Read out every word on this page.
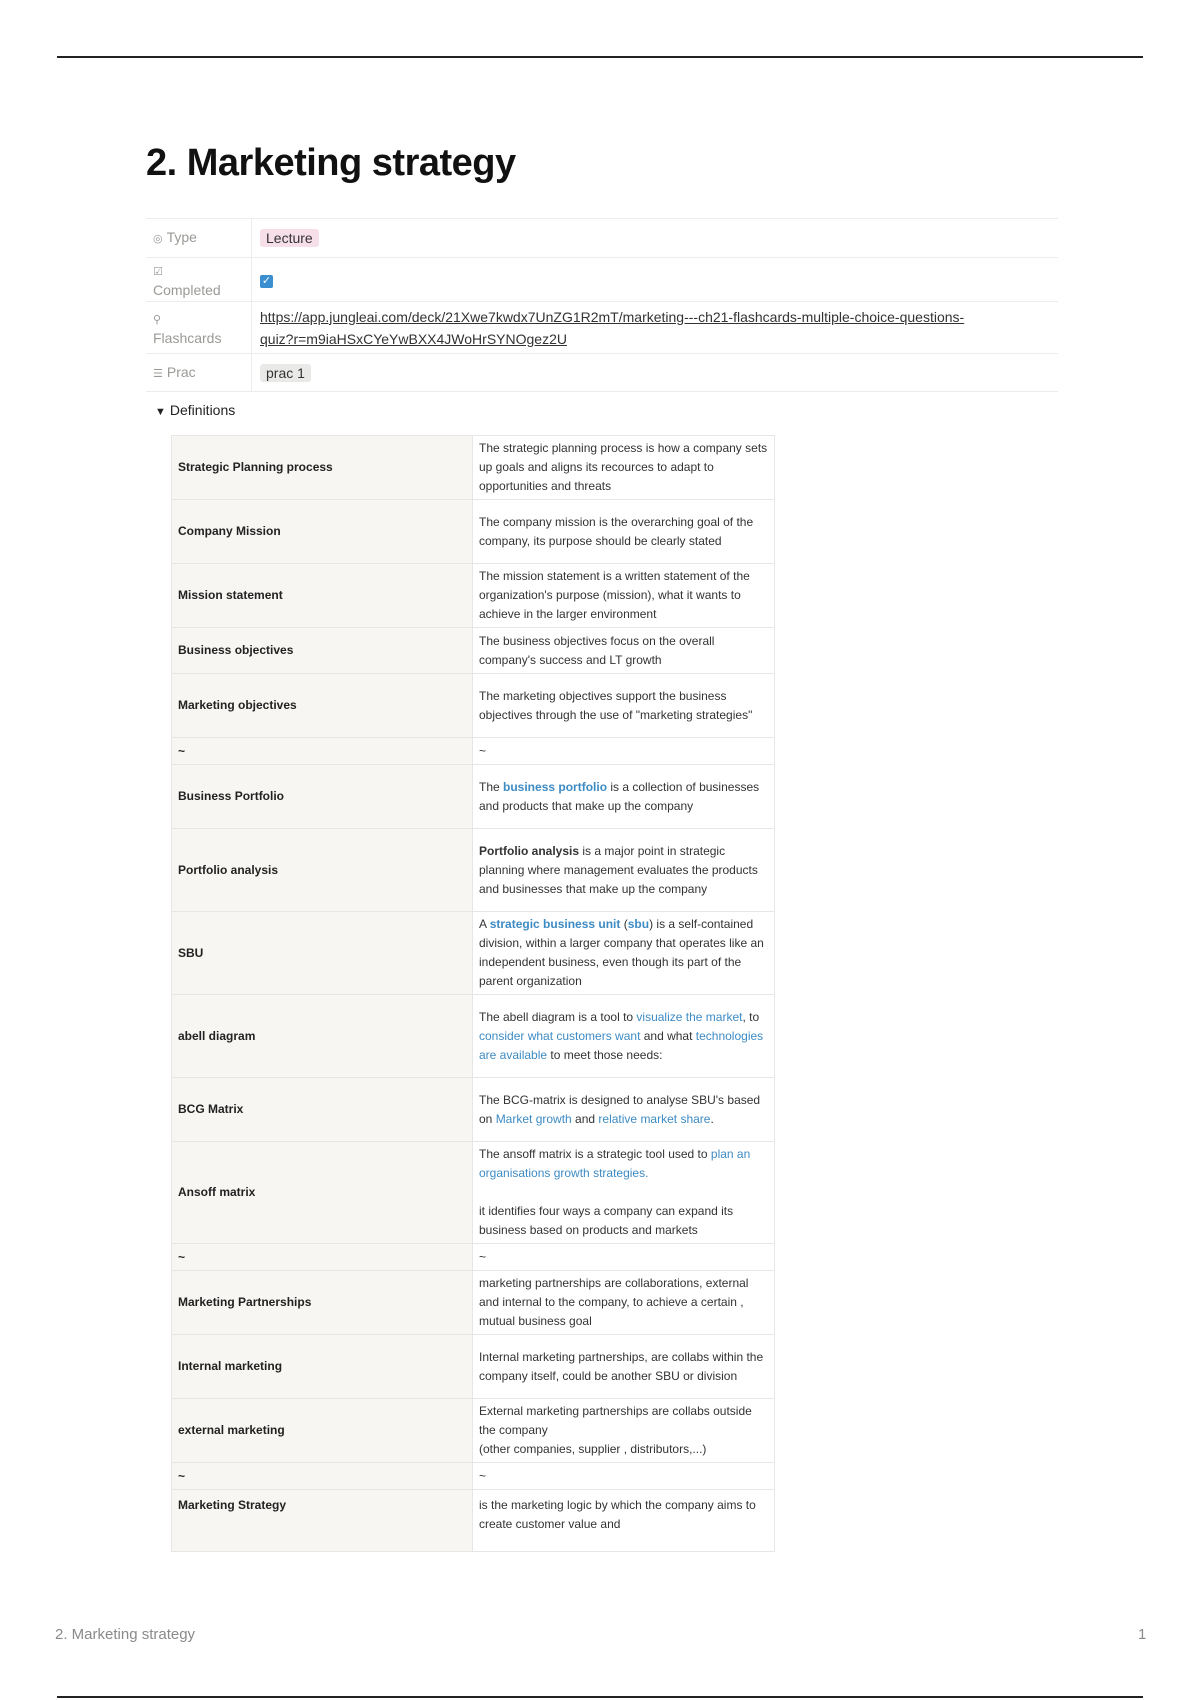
2. Marketing strategy
◎ Type	Lecture
☑
Completed	✓
⚲
Flashcards	https://app.jungleai.com/deck/21Xwe7kwdx7UnZG1R2mT/marketing---ch21-flashcards-multiple-choice-questions-
quiz?r=m9iaHSxCYeYwBXX4JWoHrSYNOgez2U
☰ Prac	prac 1
▼ Definitions
Strategic Planning process	The strategic planning process is how a company sets up goals and aligns its recources to adapt to opportunities and threats
Company Mission	The company mission is the overarching goal of the company, its purpose should be clearly stated
Mission statement	The mission statement is a written statement of the organization's purpose (mission), what it wants to achieve in the larger environment
Business objectives	The business objectives focus on the overall company's success and LT growth
Marketing objectives	The marketing objectives support the business objectives through the use of "marketing strategies"
~	~
Business Portfolio	The business portfolio is a collection of businesses and products that make up the company
Portfolio analysis	Portfolio analysis is a major point in strategic planning where management evaluates the products and businesses that make up the company
SBU	A strategic business unit (sbu) is a self-contained division, within a larger company that operates like an independent business, even though its part of the parent organization
abell diagram	The abell diagram is a tool to visualize the market, to consider what customers want and what technologies are available to meet those needs:
BCG Matrix	The BCG-matrix is designed to analyse SBU's based on Market growth and relative market share.
Ansoff matrix	The ansoff matrix is a strategic tool used to plan an organisations growth strategies.

it identifies four ways a company can expand its business based on products and markets
~	~
Marketing Partnerships	marketing partnerships are collaborations, external and internal to the company, to achieve a certain , mutual business goal
Internal marketing	Internal marketing partnerships, are collabs within the company itself, could be another SBU or division
external marketing	External marketing partnerships are collabs outside the company
(other companies, supplier , distributors,...)
~	~
Marketing Strategy	is the marketing logic by which the company aims to create customer value and
2. Marketing strategy	1
